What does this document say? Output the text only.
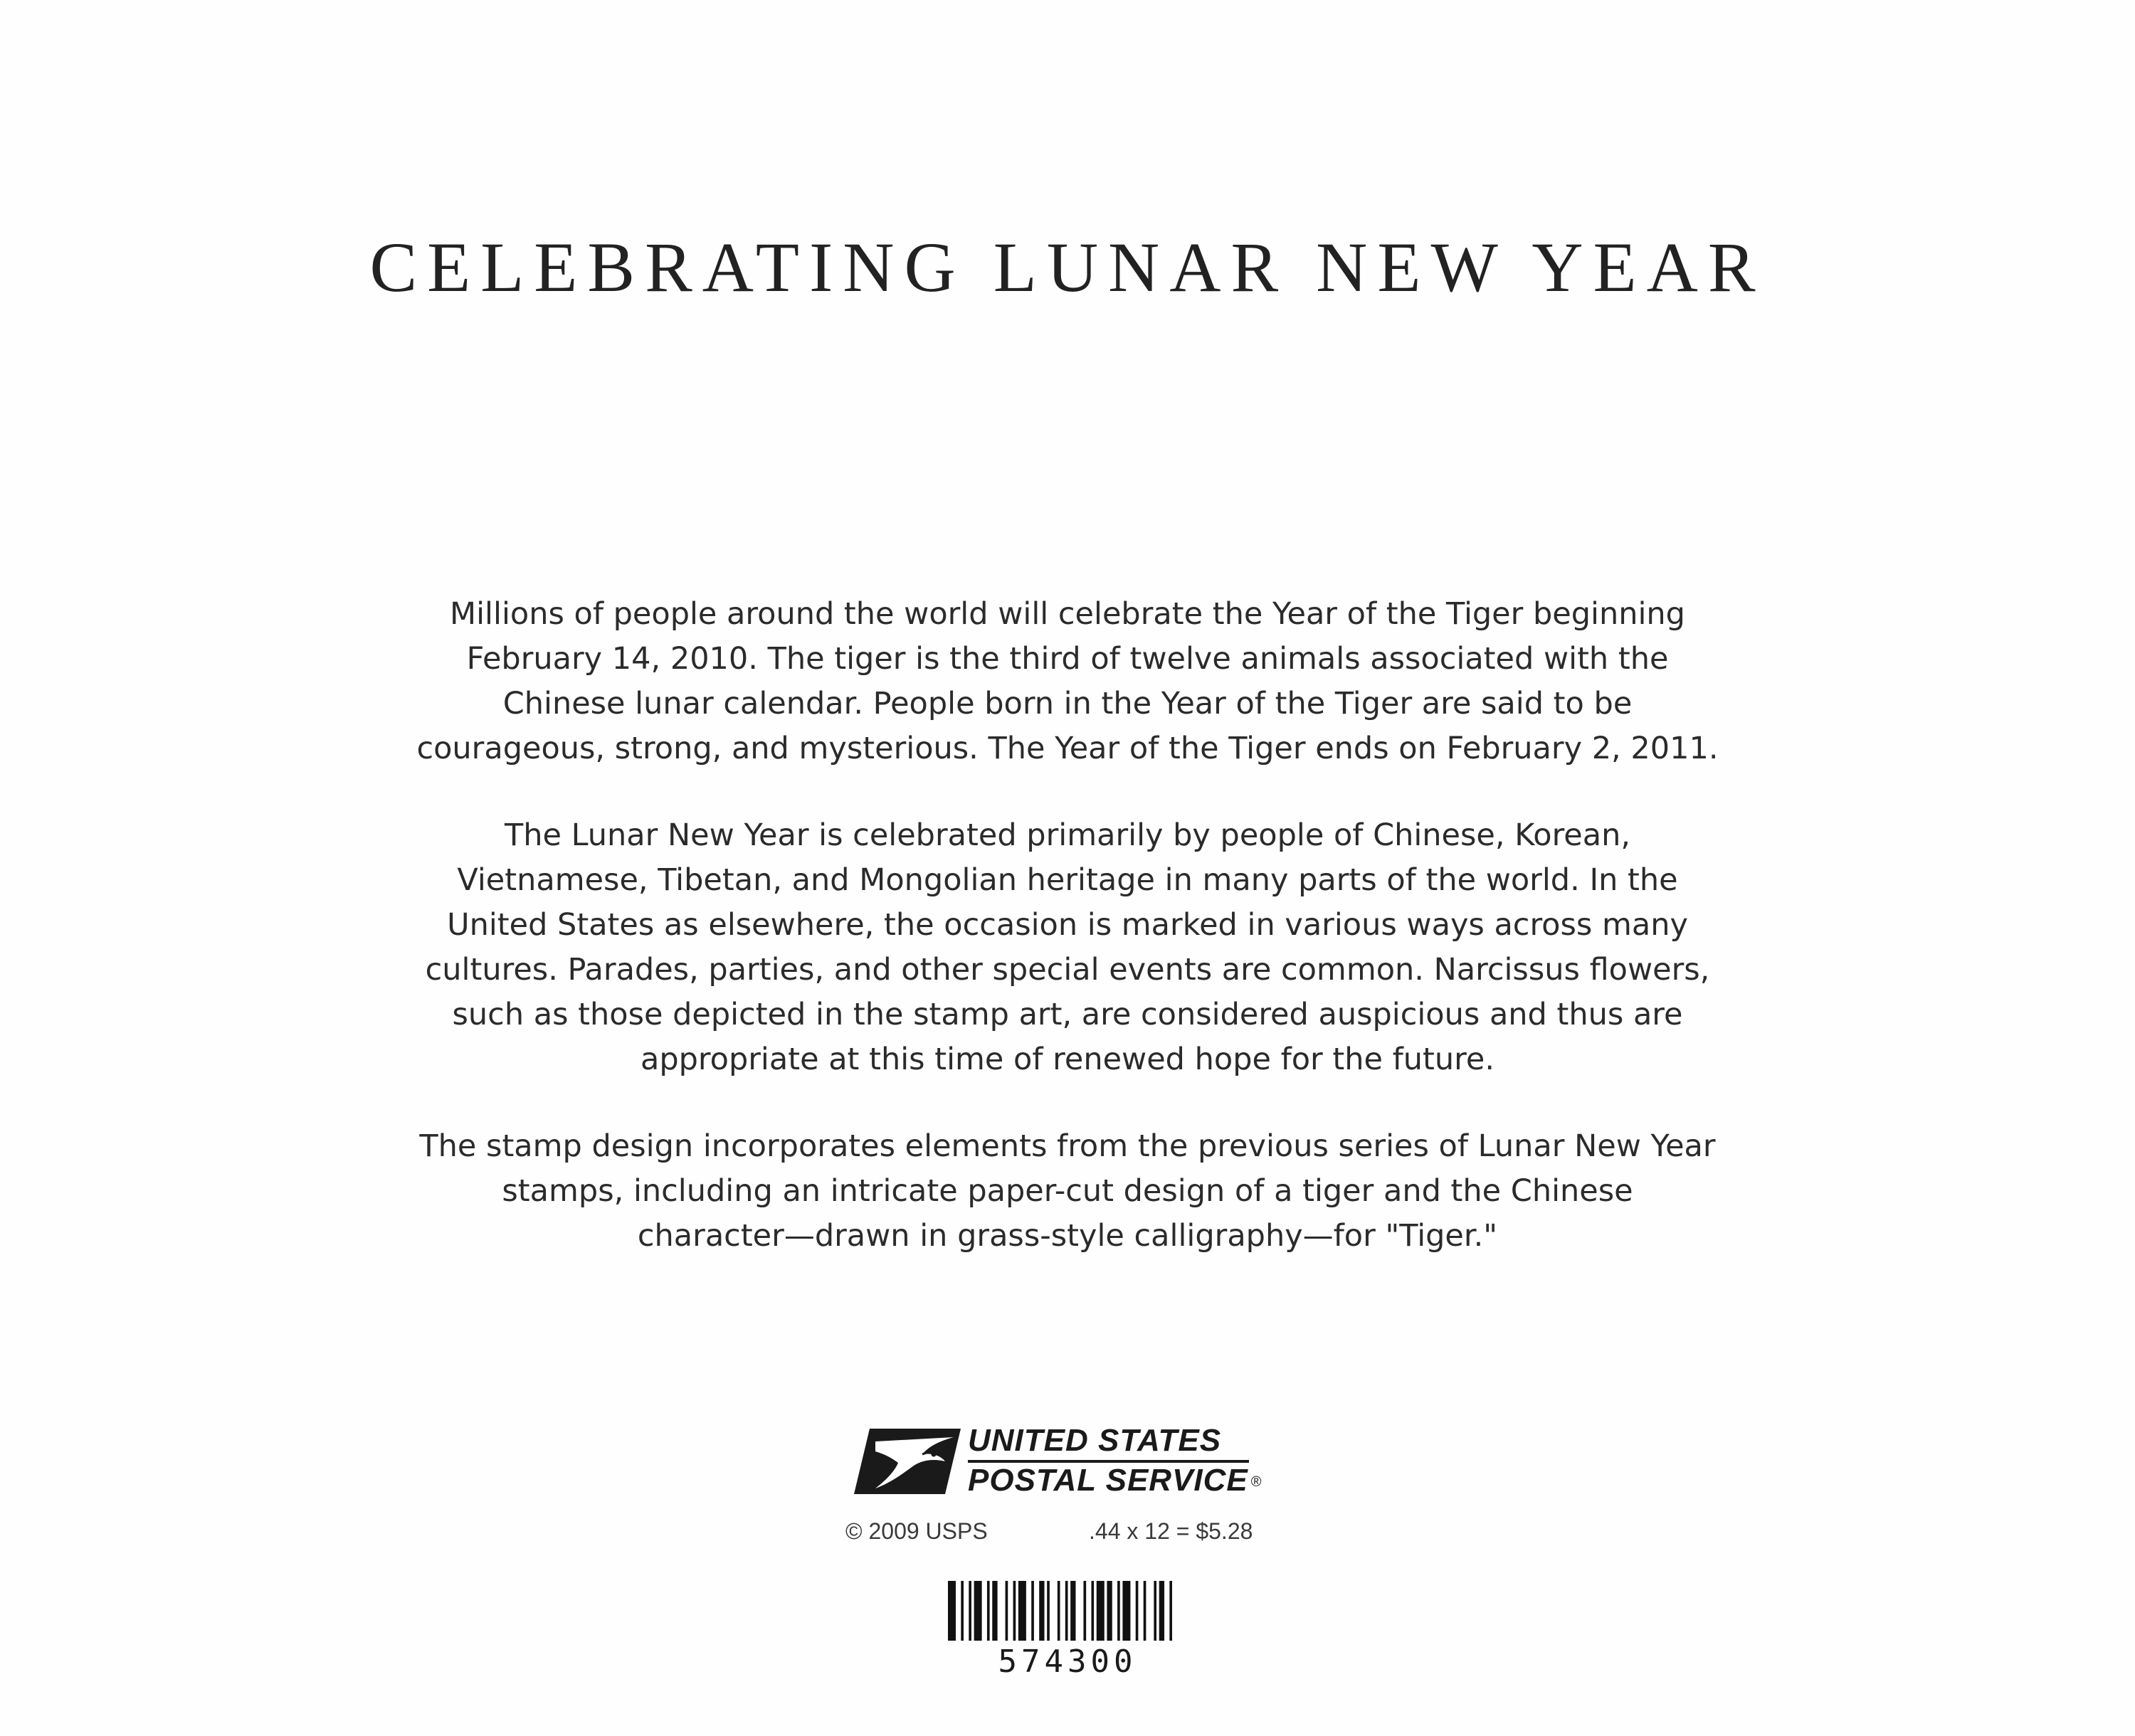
CELEBRATING LUNAR NEW YEAR
Millions of people around the world will celebrate the Year of the Tiger beginning
February 14, 2010. The tiger is the third of twelve animals associated with the
Chinese lunar calendar. People born in the Year of the Tiger are said to be
courageous, strong, and mysterious. The Year of the Tiger ends on February 2, 2011.
The Lunar New Year is celebrated primarily by people of Chinese, Korean,
Vietnamese, Tibetan, and Mongolian heritage in many parts of the world. In the
United States as elsewhere, the occasion is marked in various ways across many
cultures. Parades, parties, and other special events are common. Narcissus flowers,
such as those depicted in the stamp art, are considered auspicious and thus are
appropriate at this time of renewed hope for the future.
The stamp design incorporates elements from the previous series of Lunar New Year
stamps, including an intricate paper-cut design of a tiger and the Chinese
character—drawn in grass-style calligraphy—for "Tiger."
UNITED STATES
POSTAL SERVICE ®
© 2009 USPS	.44 x 12 = $5.28
574300
